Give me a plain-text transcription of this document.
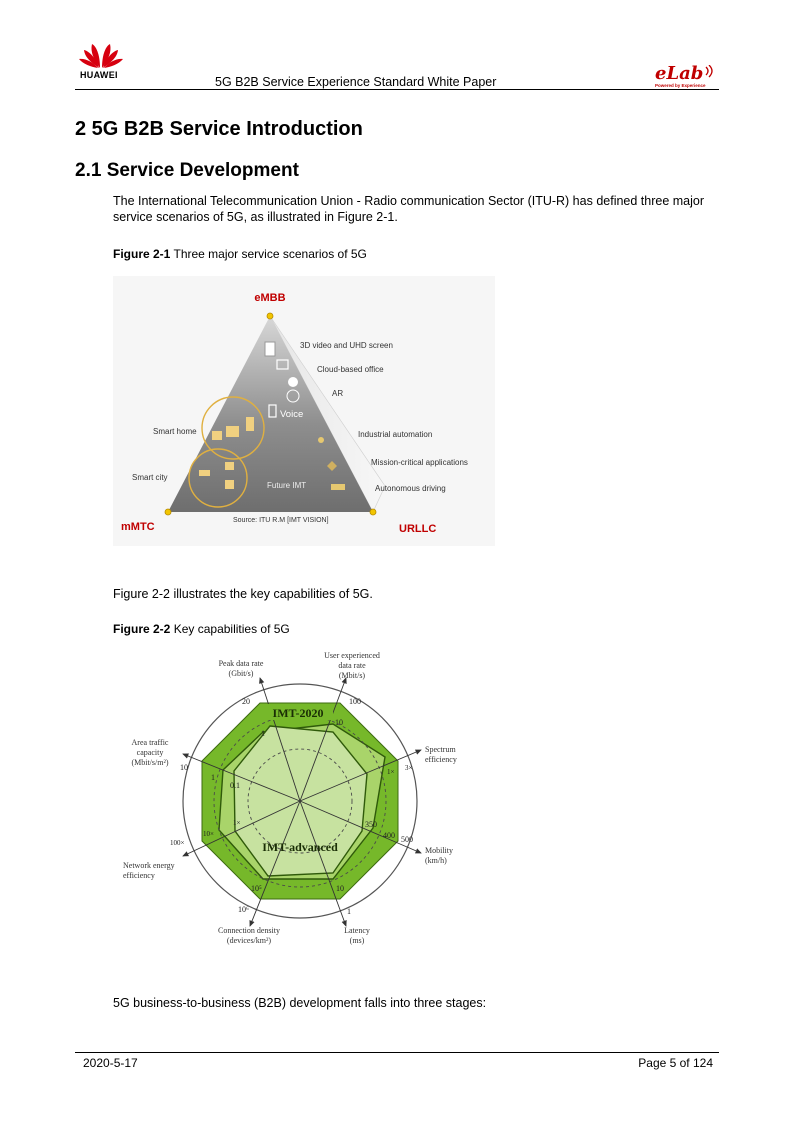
HUAWEI	5G B2B Service Experience Standard White Paper	eLab
Powered by Experience
2 5G B2B Service Introduction
2.1 Service Development
The International Telecommunication Union - Radio communication Sector (ITU-R) has defined three major service scenarios of 5G, as illustrated in Figure 2-1.
Figure 2-1 Three major service scenarios of 5G
eMBB
mMTC	URLLC
3D video and UHD screen
Cloud-based office
AR
Voice
Smart home
Smart city
Industrial automation
Mission-critical applications
Autonomous driving
Future IMT
Source: ITU R.M [IMT VISION]
Figure 2-2 illustrates the key capabilities of 5G.
Figure 2-2 Key capabilities of 5G
IMT-2020
IMT-advanced
Peak data rate
(Gbit/s)
User experienced
data rate
(Mbit/s)
Spectrum
efficiency
Mobility
(km/h)
Latency
(ms)
Connection density
(devices/km²)
Network energy
efficiency
Area traffic
capacity
(Mbit/s/m²)
20
1
100
10
3×
1×
500
400
350
1
10
10⁶
10⁵
100×
1×
10×
10
1
0.1
5G business-to-business (B2B) development falls into three stages:
2020-5-17	Page 5 of 124
